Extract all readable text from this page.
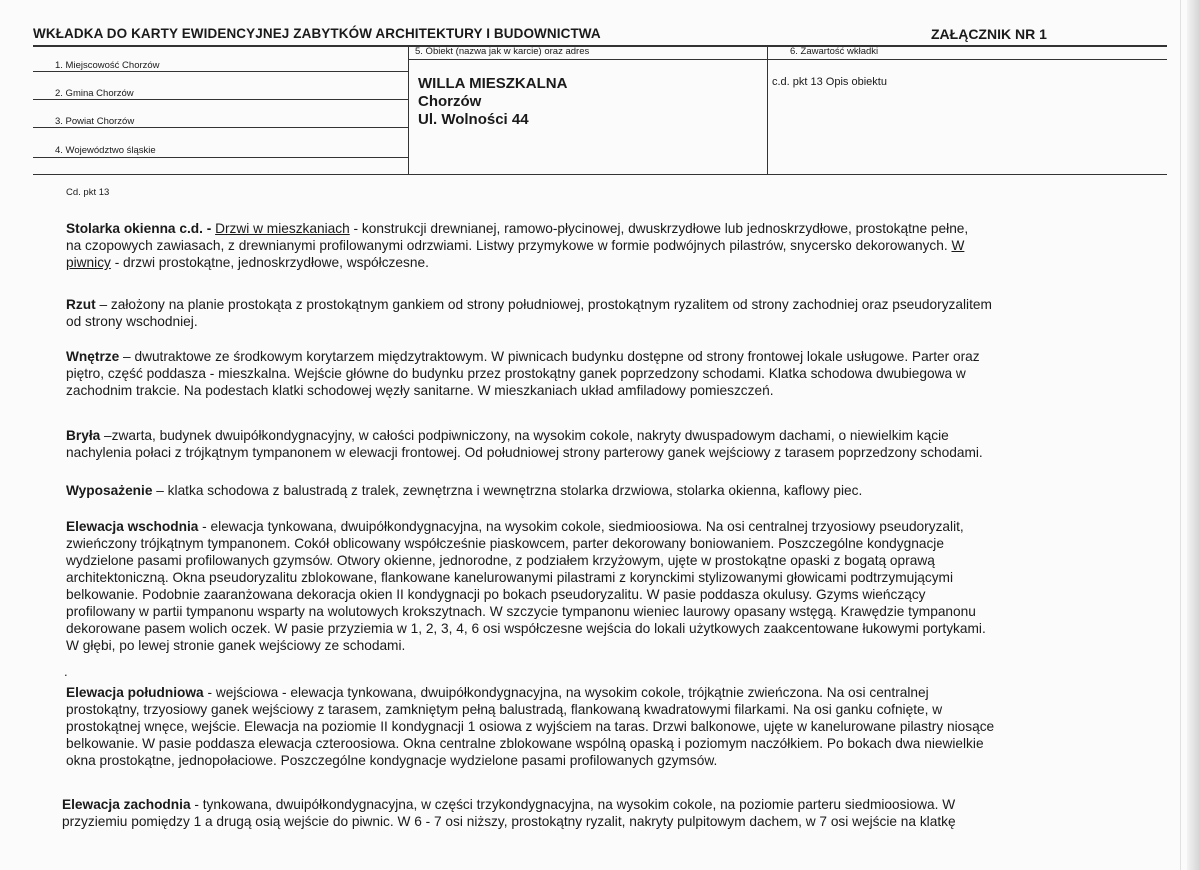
WKŁADKA DO KARTY EWIDENCYJNEJ ZABYTKÓW ARCHITEKTURY I BUDOWNICTWA	ZAŁĄCZNIK NR 1
1. Miejscowość Chorzów
2. Gmina Chorzów
3. Powiat Chorzów
4. Województwo śląskie
5. Obiekt (nazwa jak w karcie) oraz adres
WILLA MIESZKALNA
Chorzów
Ul. Wolności 44
6. Zawartość wkładki
c.d. pkt 13 Opis obiektu
Cd. pkt 13
Stolarka okienna c.d. - Drzwi w mieszkaniach - konstrukcji drewnianej, ramowo-płycinowej, dwuskrzydłowe lub jednoskrzydłowe, prostokątne pełne,
na czopowych zawiasach, z drewnianymi profilowanymi odrzwiami. Listwy przymykowe w formie podwójnych pilastrów, snycersko dekorowanych. W
piwnicy - drzwi prostokątne, jednoskrzydłowe, współczesne.
Rzut – założony na planie prostokąta z prostokątnym gankiem od strony południowej, prostokątnym ryzalitem od strony zachodniej oraz pseudoryzalitem
od strony wschodniej.
Wnętrze – dwutraktowe ze środkowym korytarzem międzytraktowym. W piwnicach budynku dostępne od strony frontowej lokale usługowe. Parter oraz
piętro, część poddasza - mieszkalna. Wejście główne do budynku przez prostokątny ganek poprzedzony schodami. Klatka schodowa dwubiegowa w
zachodnim trakcie. Na podestach klatki schodowej węzły sanitarne. W mieszkaniach układ amfiladowy pomieszczeń.
Bryła –zwarta, budynek dwuipółkondygnacyjny, w całości podpiwniczony, na wysokim cokole, nakryty dwuspadowym dachami, o niewielkim kącie
nachylenia połaci z trójkątnym tympanonem w elewacji frontowej. Od południowej strony parterowy ganek wejściowy z tarasem poprzedzony schodami.
Wyposażenie – klatka schodowa z balustradą z tralek, zewnętrzna i wewnętrzna stolarka drzwiowa, stolarka okienna, kaflowy piec.
Elewacja wschodnia - elewacja tynkowana, dwuipółkondygnacyjna, na wysokim cokole, siedmioosiowa. Na osi centralnej trzyosiowy pseudoryzalit,
zwieńczony trójkątnym tympanonem. Cokół oblicowany współcześnie piaskowcem, parter dekorowany boniowaniem. Poszczególne kondygnacje
wydzielone pasami profilowanych gzymsów. Otwory okienne, jednorodne, z podziałem krzyżowym, ujęte w prostokątne opaski z bogatą oprawą
architektoniczną. Okna pseudoryzalitu zblokowane, flankowane kanelurowanymi pilastrami z korynckimi stylizowanymi głowicami podtrzymującymi
belkowanie. Podobnie zaaranżowana dekoracja okien II kondygnacji po bokach pseudoryzalitu. W pasie poddasza okulusy. Gzyms wieńczący
profilowany w partii tympanonu wsparty na wolutowych krokszytnach. W szczycie tympanonu wieniec laurowy opasany wstęgą. Krawędzie tympanonu
dekorowane pasem wolich oczek. W pasie przyziemia w 1, 2, 3, 4, 6 osi współczesne wejścia do lokali użytkowych zaakcentowane łukowymi portykami.
W głębi, po lewej stronie ganek wejściowy ze schodami.
.
Elewacja południowa - wejściowa - elewacja tynkowana, dwuipółkondygnacyjna, na wysokim cokole, trójkątnie zwieńczona. Na osi centralnej
prostokątny, trzyosiowy ganek wejściowy z tarasem, zamkniętym pełną balustradą, flankowaną kwadratowymi filarkami. Na osi ganku cofnięte, w
prostokątnej wnęce, wejście. Elewacja na poziomie II kondygnacji 1 osiowa z wyjściem na taras. Drzwi balkonowe, ujęte w kanelurowane pilastry niosące
belkowanie. W pasie poddasza elewacja czteroosiowa. Okna centralne zblokowane wspólną opaską i poziomym naczółkiem. Po bokach dwa niewielkie
okna prostokątne, jednopołaciowe. Poszczególne kondygnacje wydzielone pasami profilowanych gzymsów.
Elewacja zachodnia - tynkowana, dwuipółkondygnacyjna, w części trzykondygnacyjna, na wysokim cokole, na poziomie parteru siedmioosiowa. W
przyziemiu pomiędzy 1 a drugą osią wejście do piwnic. W 6 - 7 osi niższy, prostokątny ryzalit, nakryty pulpitowym dachem, w 7 osi wejście na klatkę
